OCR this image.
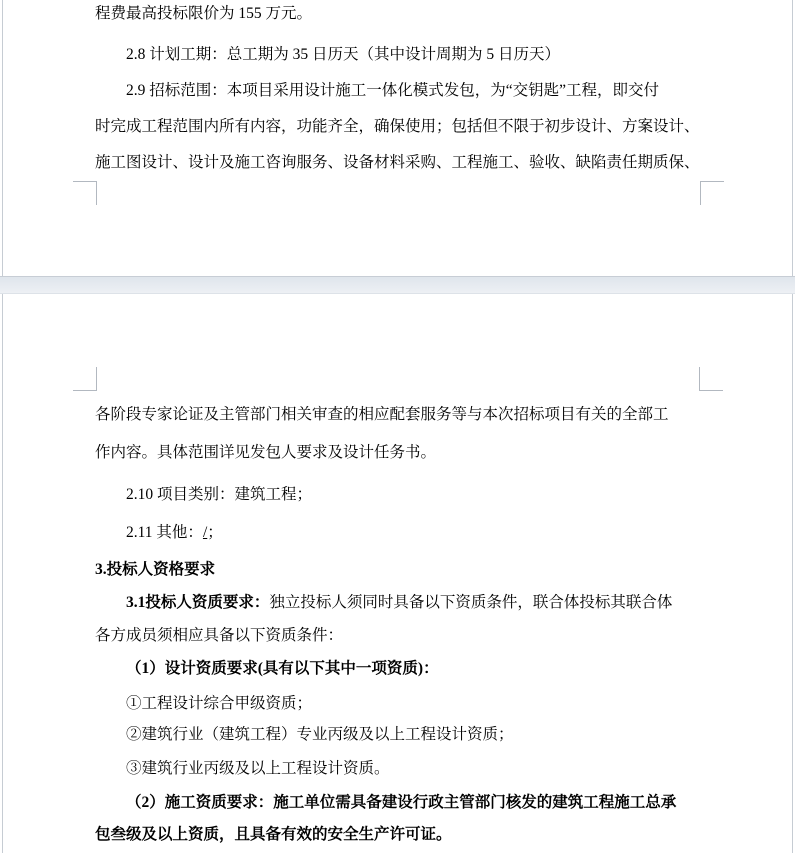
程费最高投标限价为 155 万元。
2.8 计划工期：总工期为 35 日历天（其中设计周期为 5 日历天）
2.9 招标范围：本项目采用设计施工一体化模式发包，为“交钥匙”工程，即交付
时完成工程范围内所有内容，功能齐全，确保使用；包括但不限于初步设计、方案设计、
施工图设计、设计及施工咨询服务、设备材料采购、工程施工、验收、缺陷责任期质保、
各阶段专家论证及主管部门相关审查的相应配套服务等与本次招标项目有关的全部工
作内容。具体范围详见发包人要求及设计任务书。
2.10 项目类别：建筑工程；
2.11 其他：/；
3.投标人资格要求
3.1投标人资质要求：独立投标人须同时具备以下资质条件，联合体投标其联合体
各方成员须相应具备以下资质条件：
（1）设计资质要求(具有以下其中一项资质)：
①工程设计综合甲级资质；
②建筑行业（建筑工程）专业丙级及以上工程设计资质；
③建筑行业丙级及以上工程设计资质。
（2）施工资质要求：施工单位需具备建设行政主管部门核发的建筑工程施工总承
包叁级及以上资质，且具备有效的安全生产许可证。
